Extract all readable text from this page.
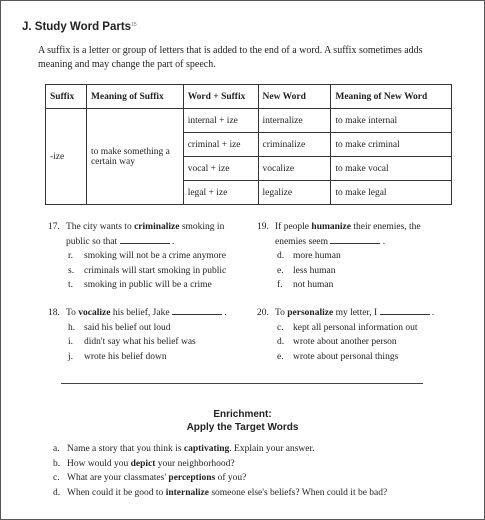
J. Study Word Parts$^{15}$
A suffix is a letter or group of letters that is added to the end of a word. A suffix sometimes adds meaning and may change the part of speech.
Suffix	Meaning of Suffix	Word + Suffix	New Word	Meaning of New Word
-ize	to make something a certain way	internal + ize	internalize	to make internal
		criminal + ize	criminalize	to make criminal
		vocal + ize	vocalize	to make vocal
		legal + ize	legalize	to make legal
17. The city wants to criminalize smoking in
public so that	.
r.	smoking will not be a crime anymore
s.	criminals will start smoking in public
t.	smoking in public will be a crime
19. If people humanize their enemies, the
enemies seem	.
d. more human
e. less human
f.	not human
18. To vocalize his belief, Jake	.
h. said his belief out loud
i.	didn't say what his belief was
j.	wrote his belief down
20. To personalize my letter, I	.
c. kept all personal information out
d. wrote about another person
e. wrote about personal things
Enrichment:
Apply the Target Words
a. Name a story that you think is captivating. Explain your answer.
b. How would you depict your neighborhood?
c. What are your classmates' perceptions of you?
d. When could it be good to internalize someone else's beliefs? When could it be bad?
